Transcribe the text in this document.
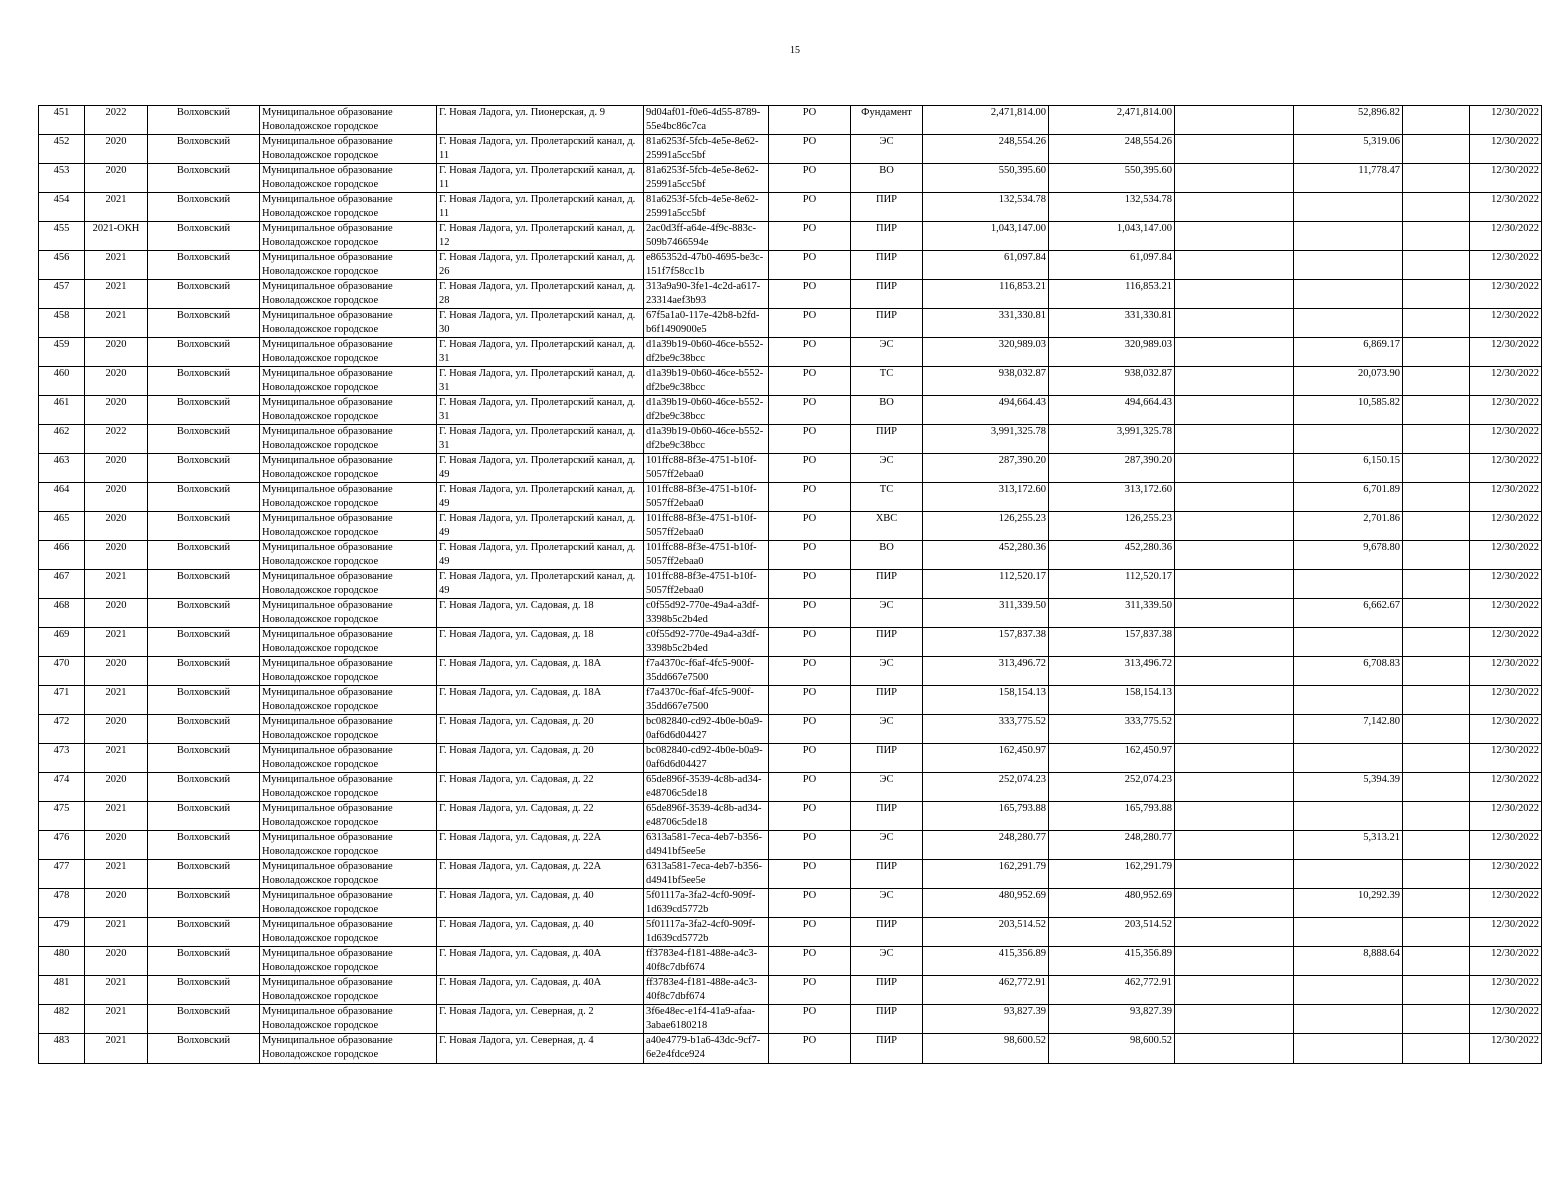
15
451	2022	Волховский	Муниципальное образование Новоладожское городское	Г. Новая Ладога, ул. Пионерская, д. 9	9d04af01-f0e6-4d55-8789-55e4bc86c7ca	РО	Фундамент	2,471,814.00	2,471,814.00		52,896.82		12/30/2022
452	2020	Волховский	Муниципальное образование Новоладожское городское	Г. Новая Ладога, ул. Пролетарский канал, д. 11	81a6253f-5fcb-4e5e-8e62-25991a5cc5bf	РО	ЭС	248,554.26	248,554.26		5,319.06		12/30/2022
453	2020	Волховский	Муниципальное образование Новоладожское городское	Г. Новая Ладога, ул. Пролетарский канал, д. 11	81a6253f-5fcb-4e5e-8e62-25991a5cc5bf	РО	ВО	550,395.60	550,395.60		11,778.47		12/30/2022
454	2021	Волховский	Муниципальное образование Новоладожское городское	Г. Новая Ладога, ул. Пролетарский канал, д. 11	81a6253f-5fcb-4e5e-8e62-25991a5cc5bf	РО	ПИР	132,534.78	132,534.78				12/30/2022
455	2021-ОКН	Волховский	Муниципальное образование Новоладожское городское	Г. Новая Ладога, ул. Пролетарский канал, д. 12	2ac0d3ff-a64e-4f9c-883c-509b7466594e	РО	ПИР	1,043,147.00	1,043,147.00				12/30/2022
456	2021	Волховский	Муниципальное образование Новоладожское городское	Г. Новая Ладога, ул. Пролетарский канал, д. 26	e865352d-47b0-4695-be3c-151f7f58cc1b	РО	ПИР	61,097.84	61,097.84				12/30/2022
457	2021	Волховский	Муниципальное образование Новоладожское городское	Г. Новая Ладога, ул. Пролетарский канал, д. 28	313a9a90-3fe1-4c2d-a617-23314aef3b93	РО	ПИР	116,853.21	116,853.21				12/30/2022
458	2021	Волховский	Муниципальное образование Новоладожское городское	Г. Новая Ладога, ул. Пролетарский канал, д. 30	67f5a1a0-117e-42b8-b2fd-b6f1490900e5	РО	ПИР	331,330.81	331,330.81				12/30/2022
459	2020	Волховский	Муниципальное образование Новоладожское городское	Г. Новая Ладога, ул. Пролетарский канал, д. 31	d1a39b19-0b60-46ce-b552-df2be9c38bcc	РО	ЭС	320,989.03	320,989.03		6,869.17		12/30/2022
460	2020	Волховский	Муниципальное образование Новоладожское городское	Г. Новая Ладога, ул. Пролетарский канал, д. 31	d1a39b19-0b60-46ce-b552-df2be9c38bcc	РО	ТС	938,032.87	938,032.87		20,073.90		12/30/2022
461	2020	Волховский	Муниципальное образование Новоладожское городское	Г. Новая Ладога, ул. Пролетарский канал, д. 31	d1a39b19-0b60-46ce-b552-df2be9c38bcc	РО	ВО	494,664.43	494,664.43		10,585.82		12/30/2022
462	2022	Волховский	Муниципальное образование Новоладожское городское	Г. Новая Ладога, ул. Пролетарский канал, д. 31	d1a39b19-0b60-46ce-b552-df2be9c38bcc	РО	ПИР	3,991,325.78	3,991,325.78				12/30/2022
463	2020	Волховский	Муниципальное образование Новоладожское городское	Г. Новая Ладога, ул. Пролетарский канал, д. 49	101ffc88-8f3e-4751-b10f-5057ff2ebaa0	РО	ЭС	287,390.20	287,390.20		6,150.15		12/30/2022
464	2020	Волховский	Муниципальное образование Новоладожское городское	Г. Новая Ладога, ул. Пролетарский канал, д. 49	101ffc88-8f3e-4751-b10f-5057ff2ebaa0	РО	ТС	313,172.60	313,172.60		6,701.89		12/30/2022
465	2020	Волховский	Муниципальное образование Новоладожское городское	Г. Новая Ладога, ул. Пролетарский канал, д. 49	101ffc88-8f3e-4751-b10f-5057ff2ebaa0	РО	ХВС	126,255.23	126,255.23		2,701.86		12/30/2022
466	2020	Волховский	Муниципальное образование Новоладожское городское	Г. Новая Ладога, ул. Пролетарский канал, д. 49	101ffc88-8f3e-4751-b10f-5057ff2ebaa0	РО	ВО	452,280.36	452,280.36		9,678.80		12/30/2022
467	2021	Волховский	Муниципальное образование Новоладожское городское	Г. Новая Ладога, ул. Пролетарский канал, д. 49	101ffc88-8f3e-4751-b10f-5057ff2ebaa0	РО	ПИР	112,520.17	112,520.17				12/30/2022
468	2020	Волховский	Муниципальное образование Новоладожское городское	Г. Новая Ладога, ул. Садовая, д. 18	c0f55d92-770e-49a4-a3df-3398b5c2b4ed	РО	ЭС	311,339.50	311,339.50		6,662.67		12/30/2022
469	2021	Волховский	Муниципальное образование Новоладожское городское	Г. Новая Ладога, ул. Садовая, д. 18	c0f55d92-770e-49a4-a3df-3398b5c2b4ed	РО	ПИР	157,837.38	157,837.38				12/30/2022
470	2020	Волховский	Муниципальное образование Новоладожское городское	Г. Новая Ладога, ул. Садовая, д. 18А	f7a4370c-f6af-4fc5-900f-35dd667e7500	РО	ЭС	313,496.72	313,496.72		6,708.83		12/30/2022
471	2021	Волховский	Муниципальное образование Новоладожское городское	Г. Новая Ладога, ул. Садовая, д. 18А	f7a4370c-f6af-4fc5-900f-35dd667e7500	РО	ПИР	158,154.13	158,154.13				12/30/2022
472	2020	Волховский	Муниципальное образование Новоладожское городское	Г. Новая Ладога, ул. Садовая, д. 20	bc082840-cd92-4b0e-b0a9-0af6d6d04427	РО	ЭС	333,775.52	333,775.52		7,142.80		12/30/2022
473	2021	Волховский	Муниципальное образование Новоладожское городское	Г. Новая Ладога, ул. Садовая, д. 20	bc082840-cd92-4b0e-b0a9-0af6d6d04427	РО	ПИР	162,450.97	162,450.97				12/30/2022
474	2020	Волховский	Муниципальное образование Новоладожское городское	Г. Новая Ладога, ул. Садовая, д. 22	65de896f-3539-4c8b-ad34-e48706c5de18	РО	ЭС	252,074.23	252,074.23		5,394.39		12/30/2022
475	2021	Волховский	Муниципальное образование Новоладожское городское	Г. Новая Ладога, ул. Садовая, д. 22	65de896f-3539-4c8b-ad34-e48706c5de18	РО	ПИР	165,793.88	165,793.88				12/30/2022
476	2020	Волховский	Муниципальное образование Новоладожское городское	Г. Новая Ладога, ул. Садовая, д. 22А	6313a581-7eca-4eb7-b356-d4941bf5ee5e	РО	ЭС	248,280.77	248,280.77		5,313.21		12/30/2022
477	2021	Волховский	Муниципальное образование Новоладожское городское	Г. Новая Ладога, ул. Садовая, д. 22А	6313a581-7eca-4eb7-b356-d4941bf5ee5e	РО	ПИР	162,291.79	162,291.79				12/30/2022
478	2020	Волховский	Муниципальное образование Новоладожское городское	Г. Новая Ладога, ул. Садовая, д. 40	5f01117a-3fa2-4cf0-909f-1d639cd5772b	РО	ЭС	480,952.69	480,952.69		10,292.39		12/30/2022
479	2021	Волховский	Муниципальное образование Новоладожское городское	Г. Новая Ладога, ул. Садовая, д. 40	5f01117a-3fa2-4cf0-909f-1d639cd5772b	РО	ПИР	203,514.52	203,514.52				12/30/2022
480	2020	Волховский	Муниципальное образование Новоладожское городское	Г. Новая Ладога, ул. Садовая, д. 40А	ff3783e4-f181-488e-a4c3-40f8c7dbf674	РО	ЭС	415,356.89	415,356.89		8,888.64		12/30/2022
481	2021	Волховский	Муниципальное образование Новоладожское городское	Г. Новая Ладога, ул. Садовая, д. 40А	ff3783e4-f181-488e-a4c3-40f8c7dbf674	РО	ПИР	462,772.91	462,772.91				12/30/2022
482	2021	Волховский	Муниципальное образование Новоладожское городское	Г. Новая Ладога, ул. Северная, д. 2	3f6e48ec-e1f4-41a9-afaa-3abae6180218	РО	ПИР	93,827.39	93,827.39				12/30/2022
483	2021	Волховский	Муниципальное образование Новоладожское городское	Г. Новая Ладога, ул. Северная, д. 4	a40e4779-b1a6-43dc-9cf7-6e2e4fdce924	РО	ПИР	98,600.52	98,600.52				12/30/2022
